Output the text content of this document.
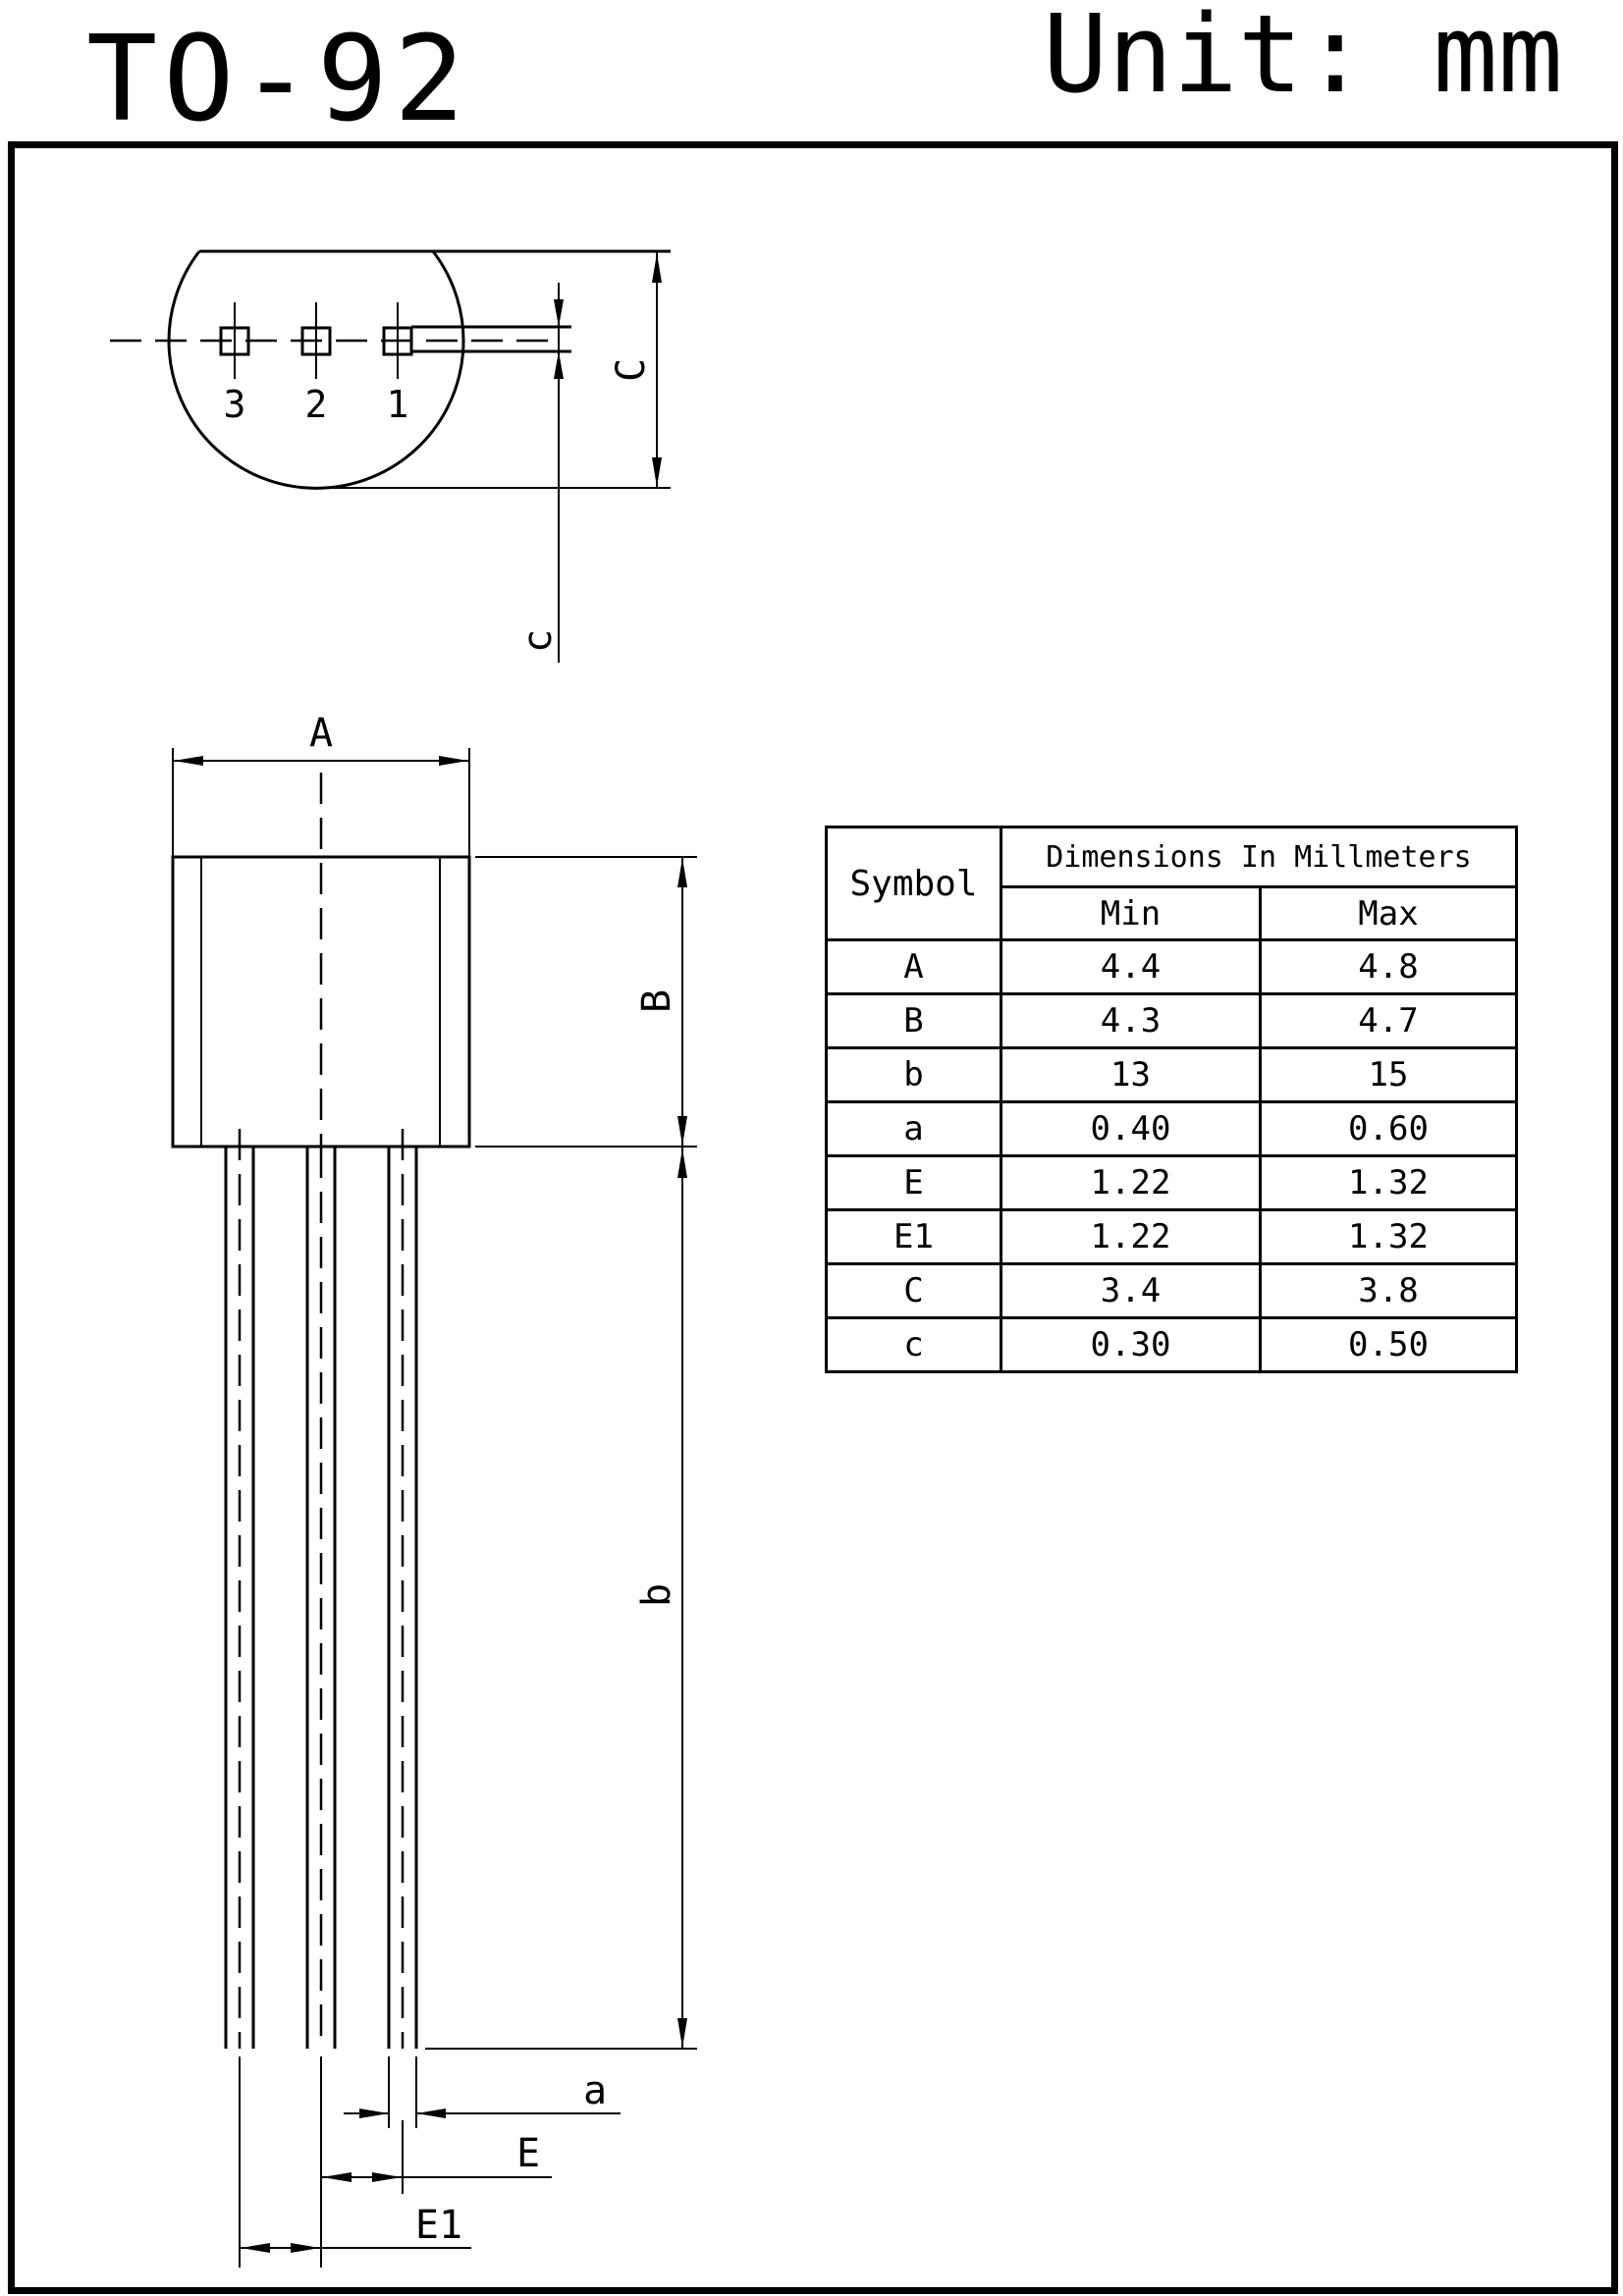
TO-92	Unit: mm
c
C
3 2 1
A
B
b
a
E
E1
Symbol	Dimensions In Millmeters	
	Min	Max
A	4.4	4.8
B	4.3	4.7
b	13	15
a	0.40	0.60
E	1.22	1.32
E1	1.22	1.32
C	3.4	3.8
c	0.30	0.50
